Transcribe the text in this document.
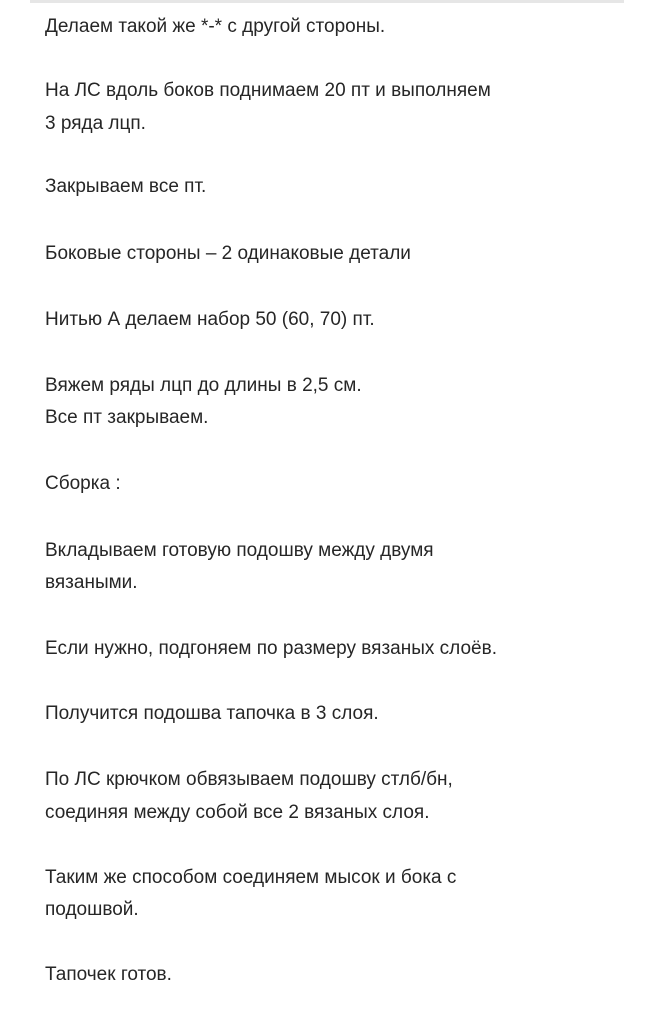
Делаем такой же *-* с другой стороны.
На ЛС вдоль боков поднимаем 20 пт и выполняем
3 ряда лцп.
Закрываем все пт.
Боковые стороны – 2 одинаковые детали
Нитью А делаем набор 50 (60, 70) пт.
Вяжем ряды лцп до длины в 2,5 см.
Все пт закрываем.
Сборка :
Вкладываем готовую подошву между двумя
вязаными.
Если нужно, подгоняем по размеру вязаных слоёв.
Получится подошва тапочка в 3 слоя.
По ЛС крючком обвязываем подошву стлб/бн,
соединяя между собой все 2 вязаных слоя.
Таким же способом соединяем мысок и бока с
подошвой.
Тапочек готов.
